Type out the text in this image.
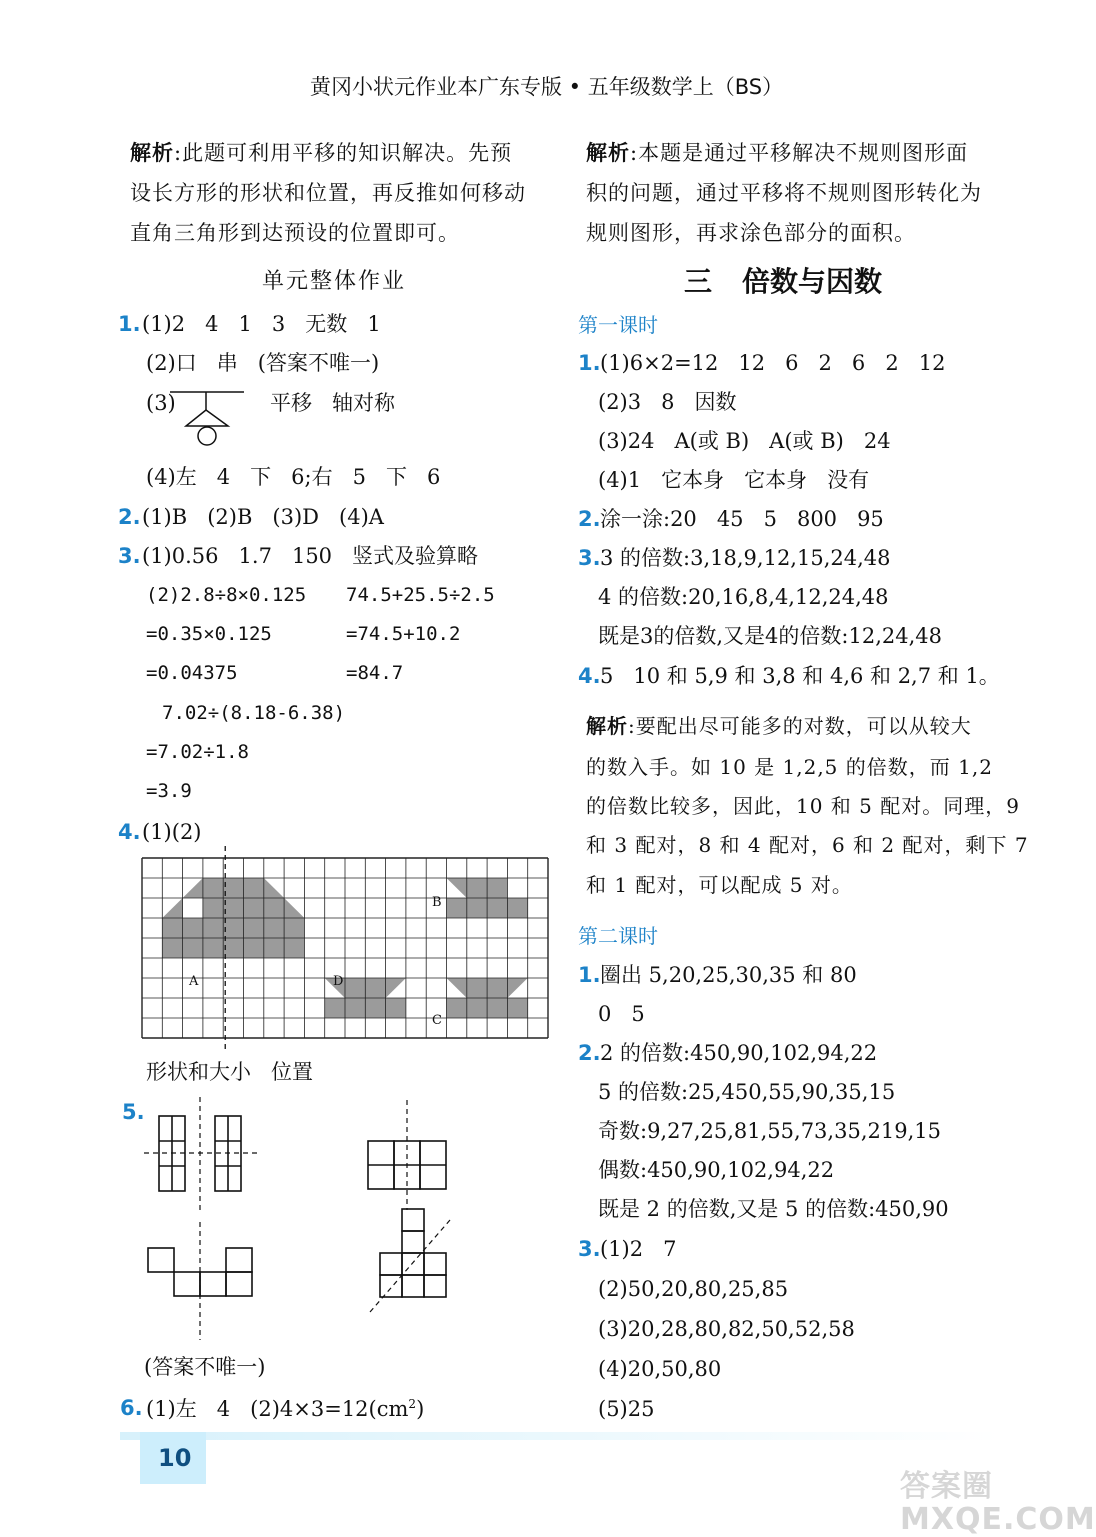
黄冈小状元作业本广东专版 • 五年级数学上（BS）
解析:此题可利用平移的知识解决。先预
设长方形的形状和位置，再反推如何移动
直角三角形到达预设的位置即可。
单元整体作业
1. (1)2   4   1   3   无数   1
(2)口   串   (答案不唯一)
(3)	平移   轴对称
(4)左   4   下   6;右   5   下   6
2. (1)B   (2)B   (3)D   (4)A
3. (1)0.56   1.7   150   竖式及验算略
(2)2.8÷8×0.125 74.5+25.5÷2.5
=0.35×0.125	=74.5+10.2
=0.04375	=84.7
7.02÷(8.18-6.38)
=7.02÷1.8
=3.9
4. (1)(2)
A
B
C
D
形状和大小   位置
5.
(答案不唯一)
6. (1)左   4   $(2)4\times 3=12(cm^2)$
解析:本题是通过平移解决不规则图形面
积的问题，通过平移将不规则图形转化为
规则图形，再求涂色部分的面积。
三 倍数与因数
第一课时
1. (1)6×2=12   12   6   2   6   2   12
(2)3   8   因数
(3)24   A(或 B)   A(或 B)   24
(4)1   它本身   它本身   没有
2. 涂一涂:20   45   5   800   95
3. 3 的倍数:3,18,9,12,15,24,48
4 的倍数:20,16,8,4,12,24,48
既是3的倍数,又是4的倍数:12,24,48
4. 5   10 和 5,9 和 3,8 和 4,6 和 2,7 和 1。
解析:要配出尽可能多的对数，可以从较大
的数入手。如 10 是 1,2,5 的倍数，而 1,2
的倍数比较多，因此，10 和 5 配对。同理，9
和 3 配对，8 和 4 配对，6 和 2 配对，剩下 7
和 1 配对，可以配成 5 对。
第二课时
1. 圈出 5,20,25,30,35 和 80
0   5
2. 2 的倍数:450,90,102,94,22
5 的倍数:25,450,55,90,35,15
奇数:9,27,25,81,55,73,35,219,15
偶数:450,90,102,94,22
既是 2 的倍数,又是 5 的倍数:450,90
3. (1)2   7
(2)50,20,80,25,85
(3)20,28,80,82,50,52,58
(4)20,50,80
(5)25
10
答案圈 MXQE.COM
